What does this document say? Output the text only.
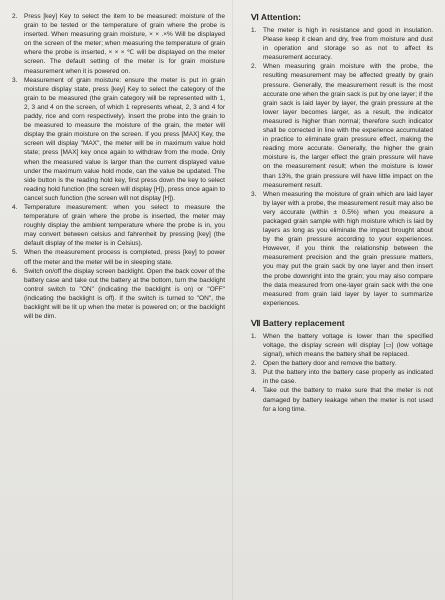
2.	Press [key] Key to select the item to be measured: moisture of the grain to be tested or the temperature of grain where the probe is inserted. When measuring grain moisture, × × .×% Will be displayed on the screen of the meter; when measuring the temperature of grain where the probe is inserted, × × × ℃ will be displayed on the meter screen. The default setting of the meter is for grain moisture measurement when it is powered on.
3.	Measurement of grain moisture: ensure the meter is put in grain moisture display state, press [key] Key to select the category of the grain to be measured (the grain category will be represented with 1, 2, 3 and 4 on the screen, of which 1 represents wheat, 2, 3 and 4 for paddy, rice and corn respectively). Insert the probe into the grain to be measured to measure the moisture of the grain, the meter will display the grain moisture on the screen. If you press [MAX] Key, the screen will display "MAX", the meter will be in maximum value hold state; press [MAX] key once again to withdraw from the mode. Only when the measured value is larger than the current displayed value under the maximum value hold mode, can the value be updated. The side button is the reading hold key, first press down the key to select reading hold function (the screen will display [H]), press once again to cancel such function (the screen will not display [H]).
4.	Temperature measurement: when you select to measure the temperature of grain where the probe is inserted, the meter may roughly display the ambient temperature where the probe is in, you may convert between celsius and fahrenheit by pressing [key] (the default display of the meter is in Celsius).
5.	When the measurement process is completed, press [key] to power off the meter and the meter will be in sleeping state.
6.	Switch on/off the display screen backlight. Open the back cover of the battery case and take out the battery at the bottom, turn the backlight control switch to "ON" (indicating the backlight is on) or "OFF" (indicating the backlight is off). If the switch is turned to "ON", the backlight will be lit up when the meter is powered on; or the backlight will be dim.
Ⅵ Attention:
1.	The meter is high in resistance and good in insulation. Please keep it clean and dry, free from moisture and dust in operation and storage so as not to affect its measurement accuracy.
2.	When measuring grain moisture with the probe, the resulting measurement may be affected greatly by grain pressure. Generally, the measurement result is the most accurate one when the grain sack is put by one layer; if the grain sack is laid layer by layer, the grain pressure at the lower layer becomes larger, as a result, the indicator measured is higher than normal; therefore such indicator shall be corrected in line with the experience accumulated in practice to eliminate grain pressure effect, making the reading more accurate. Generally, the higher the grain moisture is, the larger effect the grain pressure will have on the measurement result; when the moisture is lower than 13%, the grain pressure will have little impact on the measurement result.
3.	When measuring the moisture of grain which are laid layer by layer with a probe, the measurement result may also be very accurate (within ± 0.5%) when you measure a packaged grain sample with high moisture which is laid by layers as long as you eliminate the impact brought about by the grain pressure according to your experiences. However, if you think the relationship between the measurement precision and the grain pressure matters, you may put the grain sack by one layer and then insert the probe downright into the grain; you may also compare the data measured from one-layer grain sack with the one measured from grain laid layer by layer to summarize experiences.
Ⅶ Battery replacement
1.	When the battery voltage is lower than the specified voltage, the display screen will display [▭] (low voltage signal), which means the battery shall be replaced.
2.	Open the battery door and remove the battery.
3.	Put the battery into the battery case properly as indicated in the case.
4.	Take out the battery to make sure that the meter is not damaged by battery leakage when the meter is not used for a long time.
